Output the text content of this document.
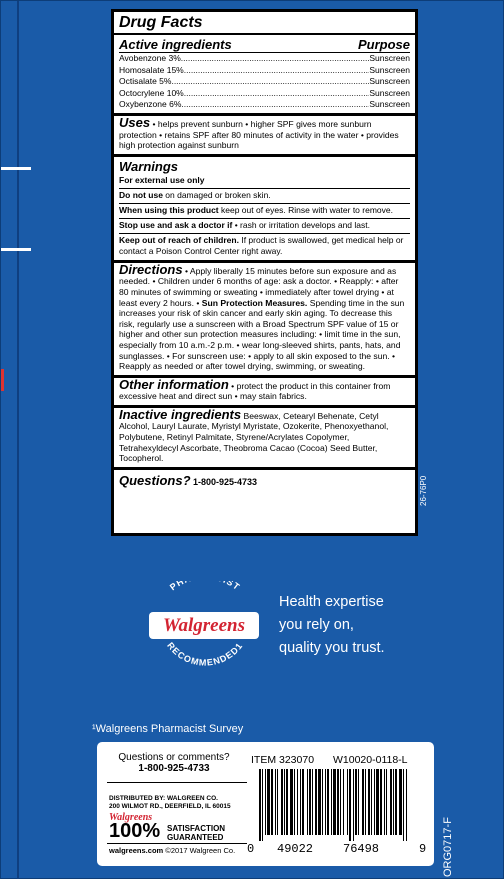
Drug Facts
Active ingredients	Purpose
Avobenzone 3% .....	Sunscreen
Homosalate 15% .....	Sunscreen
Octisalate 5% .....	Sunscreen
Octocrylene 10% .....	Sunscreen
Oxybenzone 6% .....	Sunscreen
Uses • helps prevent sunburn • higher SPF gives more sunburn protection • retains SPF after 80 minutes of activity in the water • provides high protection against sunburn
Warnings
For external use only
Do not use on damaged or broken skin.
When using this product keep out of eyes. Rinse with water to remove.
Stop use and ask a doctor if • rash or irritation develops and last.
Keep out of reach of children. If product is swallowed, get medical help or contact a Poison Control Center right away.
Directions • Apply liberally 15 minutes before sun exposure and as needed. • Children under 6 months of age: ask a doctor. • Reapply: • after 80 minutes of swimming or sweating • immediately after towel drying • at least every 2 hours. • Sun Protection Measures. Spending time in the sun increases your risk of skin cancer and early skin aging. To decrease this risk, regularly use a sunscreen with a Broad Spectrum SPF value of 15 or higher and other sun protection measures including: • limit time in the sun, especially from 10 a.m.-2 p.m. • wear long-sleeved shirts, pants, hats, and sunglasses. • For sunscreen use: • apply to all skin exposed to the sun. • Reapply as needed or after towel drying, swimming, or sweating.
Other information • protect the product in this container from excessive heat and direct sun • may stain fabrics.
Inactive ingredients Beeswax, Cetearyl Behenate, Cetyl Alcohol, Lauryl Laurate, Myristyl Myristate, Ozokerite, Phenoxyethanol, Polybutene, Retinyl Palmitate, Styrene/Acrylates Copolymer, Tetrahexyldecyl Ascorbate, Theobroma Cacao (Cocoa) Seed Butter, Tocopherol.
Questions? 1-800-925-4733	26-76P0
PH ST
RECOMMENDED1
Walgreens
Health expertise
you rely on,
quality you trust.
¹Walgreens Pharmacist Survey
Questions or comments?
1-800-925-4733
DISTRIBUTED BY: WALGREEN CO.
200 WILMOT RD., DEERFIELD, IL 60015
Walgreens
100% SATISFACTION
GUARANTEED
walgreens.com ©2017 Walgreen Co.
ITEM 323070 W10020-0118-L
0 49022 76498	9 ORG0717-F
